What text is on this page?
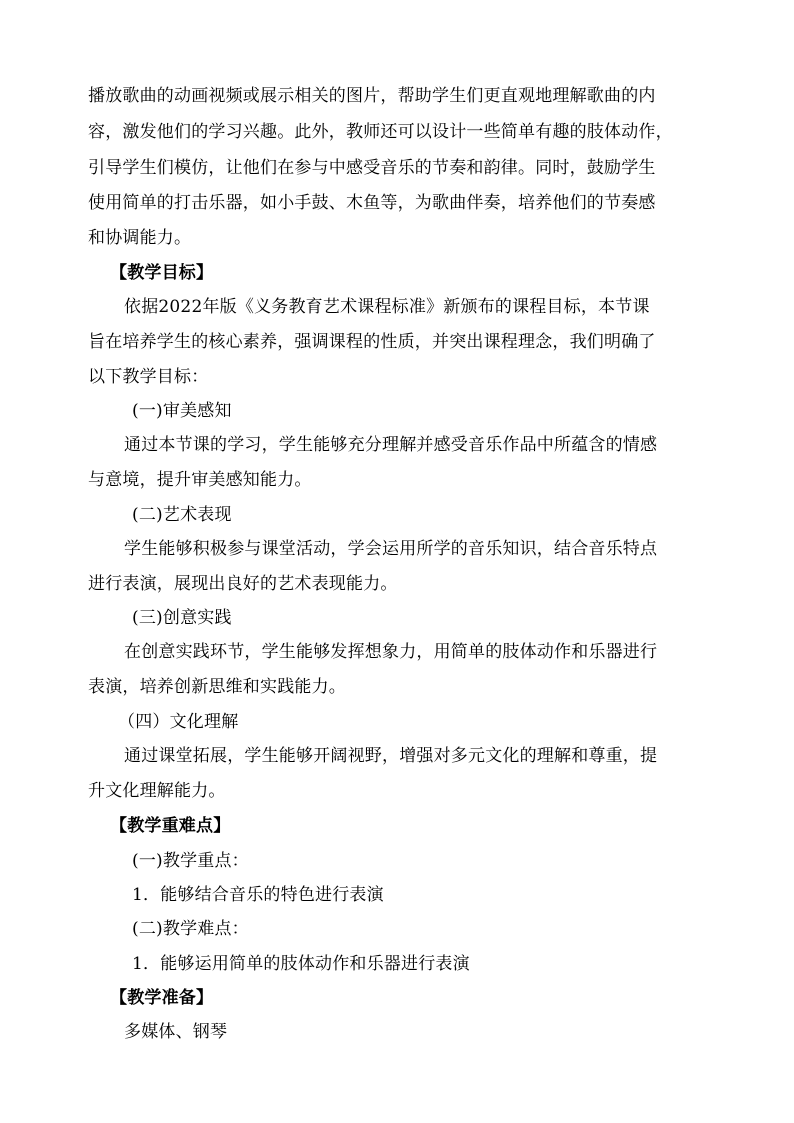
播放歌曲的动画视频或展示相关的图片，帮助学生们更直观地理解歌曲的内
容，激发他们的学习兴趣。此外，教师还可以设计一些简单有趣的肢体动作，
引导学生们模仿，让他们在参与中感受音乐的节奏和韵律。同时，鼓励学生
使用简单的打击乐器，如小手鼓、木鱼等，为歌曲伴奏，培养他们的节奏感
和协调能力。
【教学目标】
依据2022年版《义务教育艺术课程标准》新颁布的课程目标，本节课
旨在培养学生的核心素养，强调课程的性质，并突出课程理念，我们明确了
以下教学目标：
(一)审美感知
通过本节课的学习，学生能够充分理解并感受音乐作品中所蕴含的情感
与意境，提升审美感知能力。
(二)艺术表现
学生能够积极参与课堂活动，学会运用所学的音乐知识，结合音乐特点
进行表演，展现出良好的艺术表现能力。
(三)创意实践
在创意实践环节，学生能够发挥想象力，用简单的肢体动作和乐器进行
表演，培养创新思维和实践能力。
（四）文化理解
通过课堂拓展，学生能够开阔视野，增强对多元文化的理解和尊重，提
升文化理解能力。
【教学重难点】
(一)教学重点：
1．能够结合音乐的特色进行表演
(二)教学难点：
1．能够运用简单的肢体动作和乐器进行表演
【教学准备】
多媒体、钢琴
